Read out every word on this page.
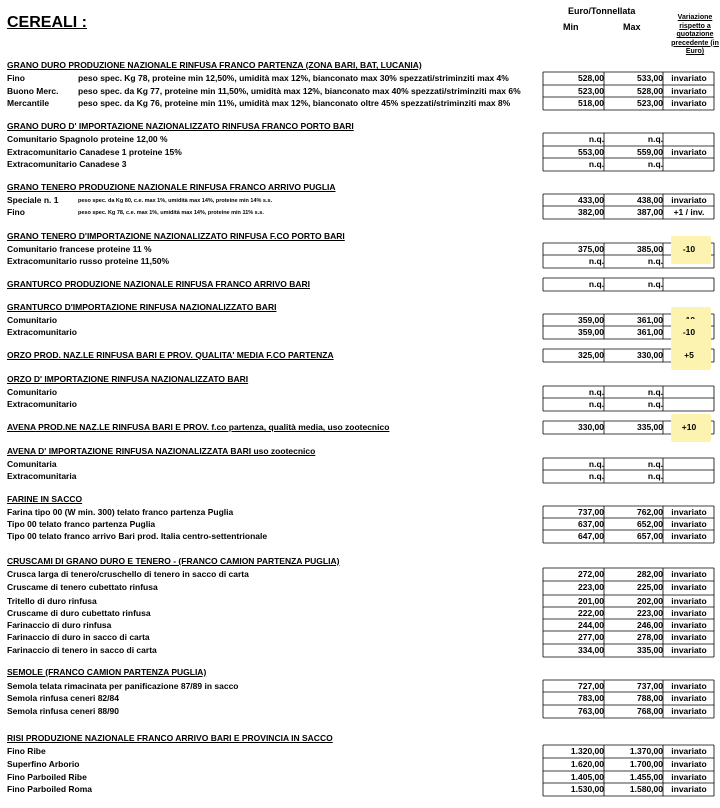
CEREALI :
Euro/Tonnellata
Min	Max
Variazione rispetto a quotazione precedente (in Euro)
GRANO DURO PRODUZIONE NAZIONALE RINFUSA FRANCO PARTENZA (ZONA BARI, BAT, LUCANIA)
Fino	peso spec. Kg 78, proteine min 12,50%, umidità max 12%, bianconato max 30% spezzati/striminziti max 4%	528,00	533,00 invariato
Buono Merc. peso spec. da Kg 77, proteine min 11,50%, umidità max 12%, bianconato max 40% spezzati/striminziti max 6%	523,00	528,00 invariato
Mercantile	peso spec. da Kg 76, proteine min 11%, umidità max 12%, bianconato oltre 45% spezzati/striminziti max 8%	518,00	523,00 invariato
GRANO DURO D' IMPORTAZIONE NAZIONALIZZATO RINFUSA FRANCO PORTO BARI
Comunitario Spagnolo proteine 12,00 %	n.q.	n.q.
Extracomunitario Canadese 1 proteine 15%	553,00	559,00 invariato
Extracomunitario Canadese 3	n.q.	n.q.
GRANO TENERO PRODUZIONE NAZIONALE RINFUSA FRANCO ARRIVO PUGLIA
Speciale n. 1	peso spec. da Kg 80, c.e. max 1%, umidità max 14%, proteine min 14% s.s.	433,00	438,00 invariato
Fino	peso spec. Kg 78, c.e. max 1%, umidità max 14%, proteine min 11% s.s.	382,00	387,00	+1 / inv.
GRANO TENERO D'IMPORTAZIONE NAZIONALIZZATO RINFUSA F.CO PORTO BARI
Comunitario francese proteine 11 %	375,00	385,00	-10
Extracomunitario russo proteine 11,50%	n.q.	n.q.
GRANTURCO PRODUZIONE NAZIONALE RINFUSA FRANCO ARRIVO BARI	n.q.	n.q.
GRANTURCO D'IMPORTAZIONE RINFUSA NAZIONALIZZATO BARI
Comunitario	359,00	361,00
Extracomunitario	359,00	361,00	-10
ORZO PROD. NAZ.LE RINFUSA BARI E PROV. QUALITA' MEDIA F.CO PARTENZA	325,00	330,00	+5
ORZO D' IMPORTAZIONE RINFUSA NAZIONALIZZATO BARI
Comunitario	n.q.	n.q.
Extracomunitario	n.q.	n.q.
AVENA PROD.NE NAZ.LE RINFUSA BARI E PROV. f.co partenza, qualità media, uso zootecnico	330,00	335,00	+10
AVENA D' IMPORTAZIONE RINFUSA NAZIONALIZZATA BARI uso zootecnico
Comunitaria	n.q.	n.q.
Extracomunitaria	n.q.	n.q.
FARINE IN SACCO
Farina tipo 00 (W min. 300) telato franco partenza Puglia	737,00	762,00 invariato
Tipo 00 telato franco partenza Puglia	637,00	652,00 invariato
Tipo 00 telato franco arrivo Bari prod. Italia centro-settentrionale	647,00	657,00 invariato
CRUSCAMI DI GRANO DURO E TENERO - (FRANCO CAMION PARTENZA PUGLIA)
Crusca larga di tenero/cruschello di tenero in sacco di carta	272,00	282,00 invariato
Cruscame di tenero cubettato rinfusa	223,00	225,00 invariato
Tritello di duro rinfusa	201,00	202,00 invariato
Cruscame di duro cubettato rinfusa	222,00	223,00 invariato
Farinaccio di duro rinfusa	244,00	246,00 invariato
Farinaccio di duro in sacco di carta	277,00	278,00 invariato
Farinaccio di tenero in sacco di carta	334,00	335,00 invariato
SEMOLE (FRANCO CAMION PARTENZA PUGLIA)
Semola telata rimacinata per panificazione 87/89 in sacco	727,00	737,00 invariato
Semola rinfusa ceneri 82/84	783,00	788,00 invariato
Semola rinfusa ceneri 88/90	763,00	768,00 invariato
RISI PRODUZIONE NAZIONALE FRANCO ARRIVO BARI E PROVINCIA IN SACCO
Fino Ribe	1.320,00	1.370,00 invariato
Superfino Arborio	1.620,00	1.700,00 invariato
Fino Parboiled Ribe	1.405,00	1.455,00 invariato
Fino Parboiled Roma	1.530,00	1.580,00 invariato
